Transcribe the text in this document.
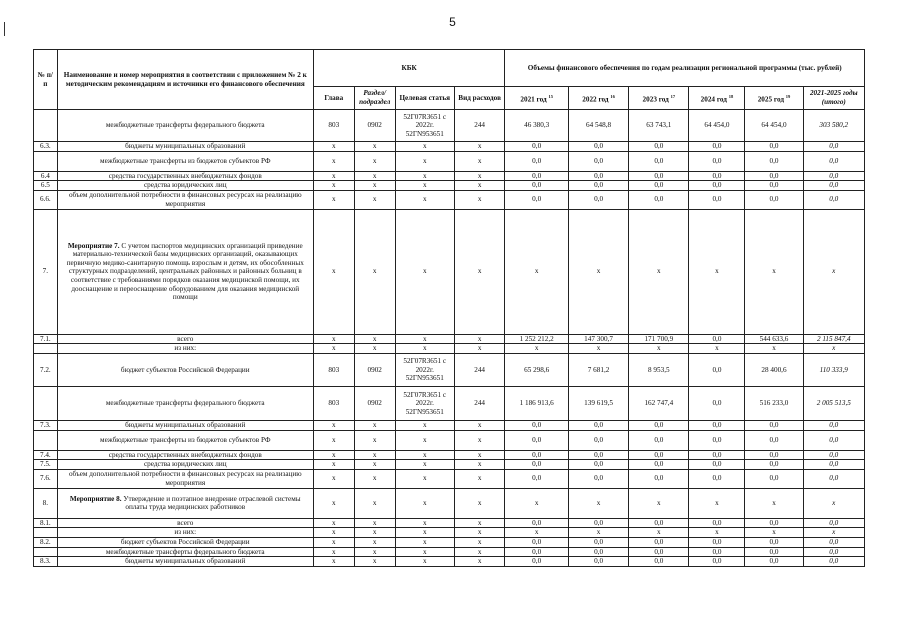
5
№ п/п	Наименование и номер мероприятия в соответствии с приложением № 2 к методическим рекомендациям и источники его финансового обеспечения	КБК				Объемы финансового обеспечения по годам реализации региональной программы (тыс. рублей)					
		Глава	Раздел/ подраздел	Целевая статья	Вид расходов	2021 год $^{15}$	2022 год $^{16}$	2023 год $^{17}$	2024 год $^{18}$	2025 год $^{19}$	2021-2025 годы (итого)
	межбюджетные трансферты федерального бюджета	803	0902	52Г07R3651 с 2022г. 52ГN953651	244	46 380,3	64 548,8	63 743,1	64 454,0	64 454,0	303 580,2
6.3.	бюджеты муниципальных образований	x	x	x	x	0,0	0,0	0,0	0,0	0,0	0,0
	межбюджетные трансферты из бюджетов субъектов РФ	x	x	x	x	0,0	0,0	0,0	0,0	0,0	0,0
6.4	средства государственных внебюджетных фондов	x	x	x	x	0,0	0,0	0,0	0,0	0,0	0,0
6.5	средства юридических лиц	x	x	x	x	0,0	0,0	0,0	0,0	0,0	0,0
6.6.	объем дополнительной потребности в финансовых ресурсах на реализацию мероприятия	x	x	x	x	0,0	0,0	0,0	0,0	0,0	0,0
7.	Мероприятие 7. С учетом паспортов медицинских организаций приведение материально-технической базы медицинских организаций, оказывающих первичную медико-санитарную помощь взрослым и детям, их обособленных структурных подразделений, центральных районных и районных больниц в соответствие с требованиями порядков оказания медицинской помощи, их дооснащение и переоснащение оборудованием для оказания медицинской помощи	x	x	x	x	x	x	x	x	x	x
7.1.	всего	x	x	x	x	1 252 212,2	147 300,7	171 700,9	0,0	544 633,6	2 115 847,4
	из них:	x	x	x	x	x	x	x	x	x	x
7.2.	бюджет субъектов Российской Федерации	803	0902	52Г07R3651 с 2022г. 52ГN953651	244	65 298,6	7 681,2	8 953,5	0,0	28 400,6	110 333,9
	межбюджетные трансферты федерального бюджета	803	0902	52Г07R3651 с 2022г. 52ГN953651	244	1 186 913,6	139 619,5	162 747,4	0,0	516 233,0	2 005 513,5
7.3.	бюджеты муниципальных образований	x	x	x	x	0,0	0,0	0,0	0,0	0,0	0,0
	межбюджетные трансферты из бюджетов субъектов РФ	x	x	x	x	0,0	0,0	0,0	0,0	0,0	0,0
7.4.	средства государственных внебюджетных фондов	x	x	x	x	0,0	0,0	0,0	0,0	0,0	0,0
7.5.	средства юридических лиц	x	x	x	x	0,0	0,0	0,0	0,0	0,0	0,0
7.6.	объем дополнительной потребности в финансовых ресурсах на реализацию мероприятия	x	x	x	x	0,0	0,0	0,0	0,0	0,0	0,0
8.	Мероприятие 8. Утверждение и поэтапное внедрение отраслевой системы оплаты труда медицинских работников	x	x	x	x	x	x	x	x	x	x
8.1.	всего	x	x	x	x	0,0	0,0	0,0	0,0	0,0	0,0
	из них:	x	x	x	x	x	x	x	x	x	x
8.2.	бюджет субъектов Российской Федерации	x	x	x	x	0,0	0,0	0,0	0,0	0,0	0,0
	межбюджетные трансферты федерального бюджета	x	x	x	x	0,0	0,0	0,0	0,0	0,0	0,0
8.3.	бюджеты муниципальных образований	x	x	x	x	0,0	0,0	0,0	0,0	0,0	0,0
